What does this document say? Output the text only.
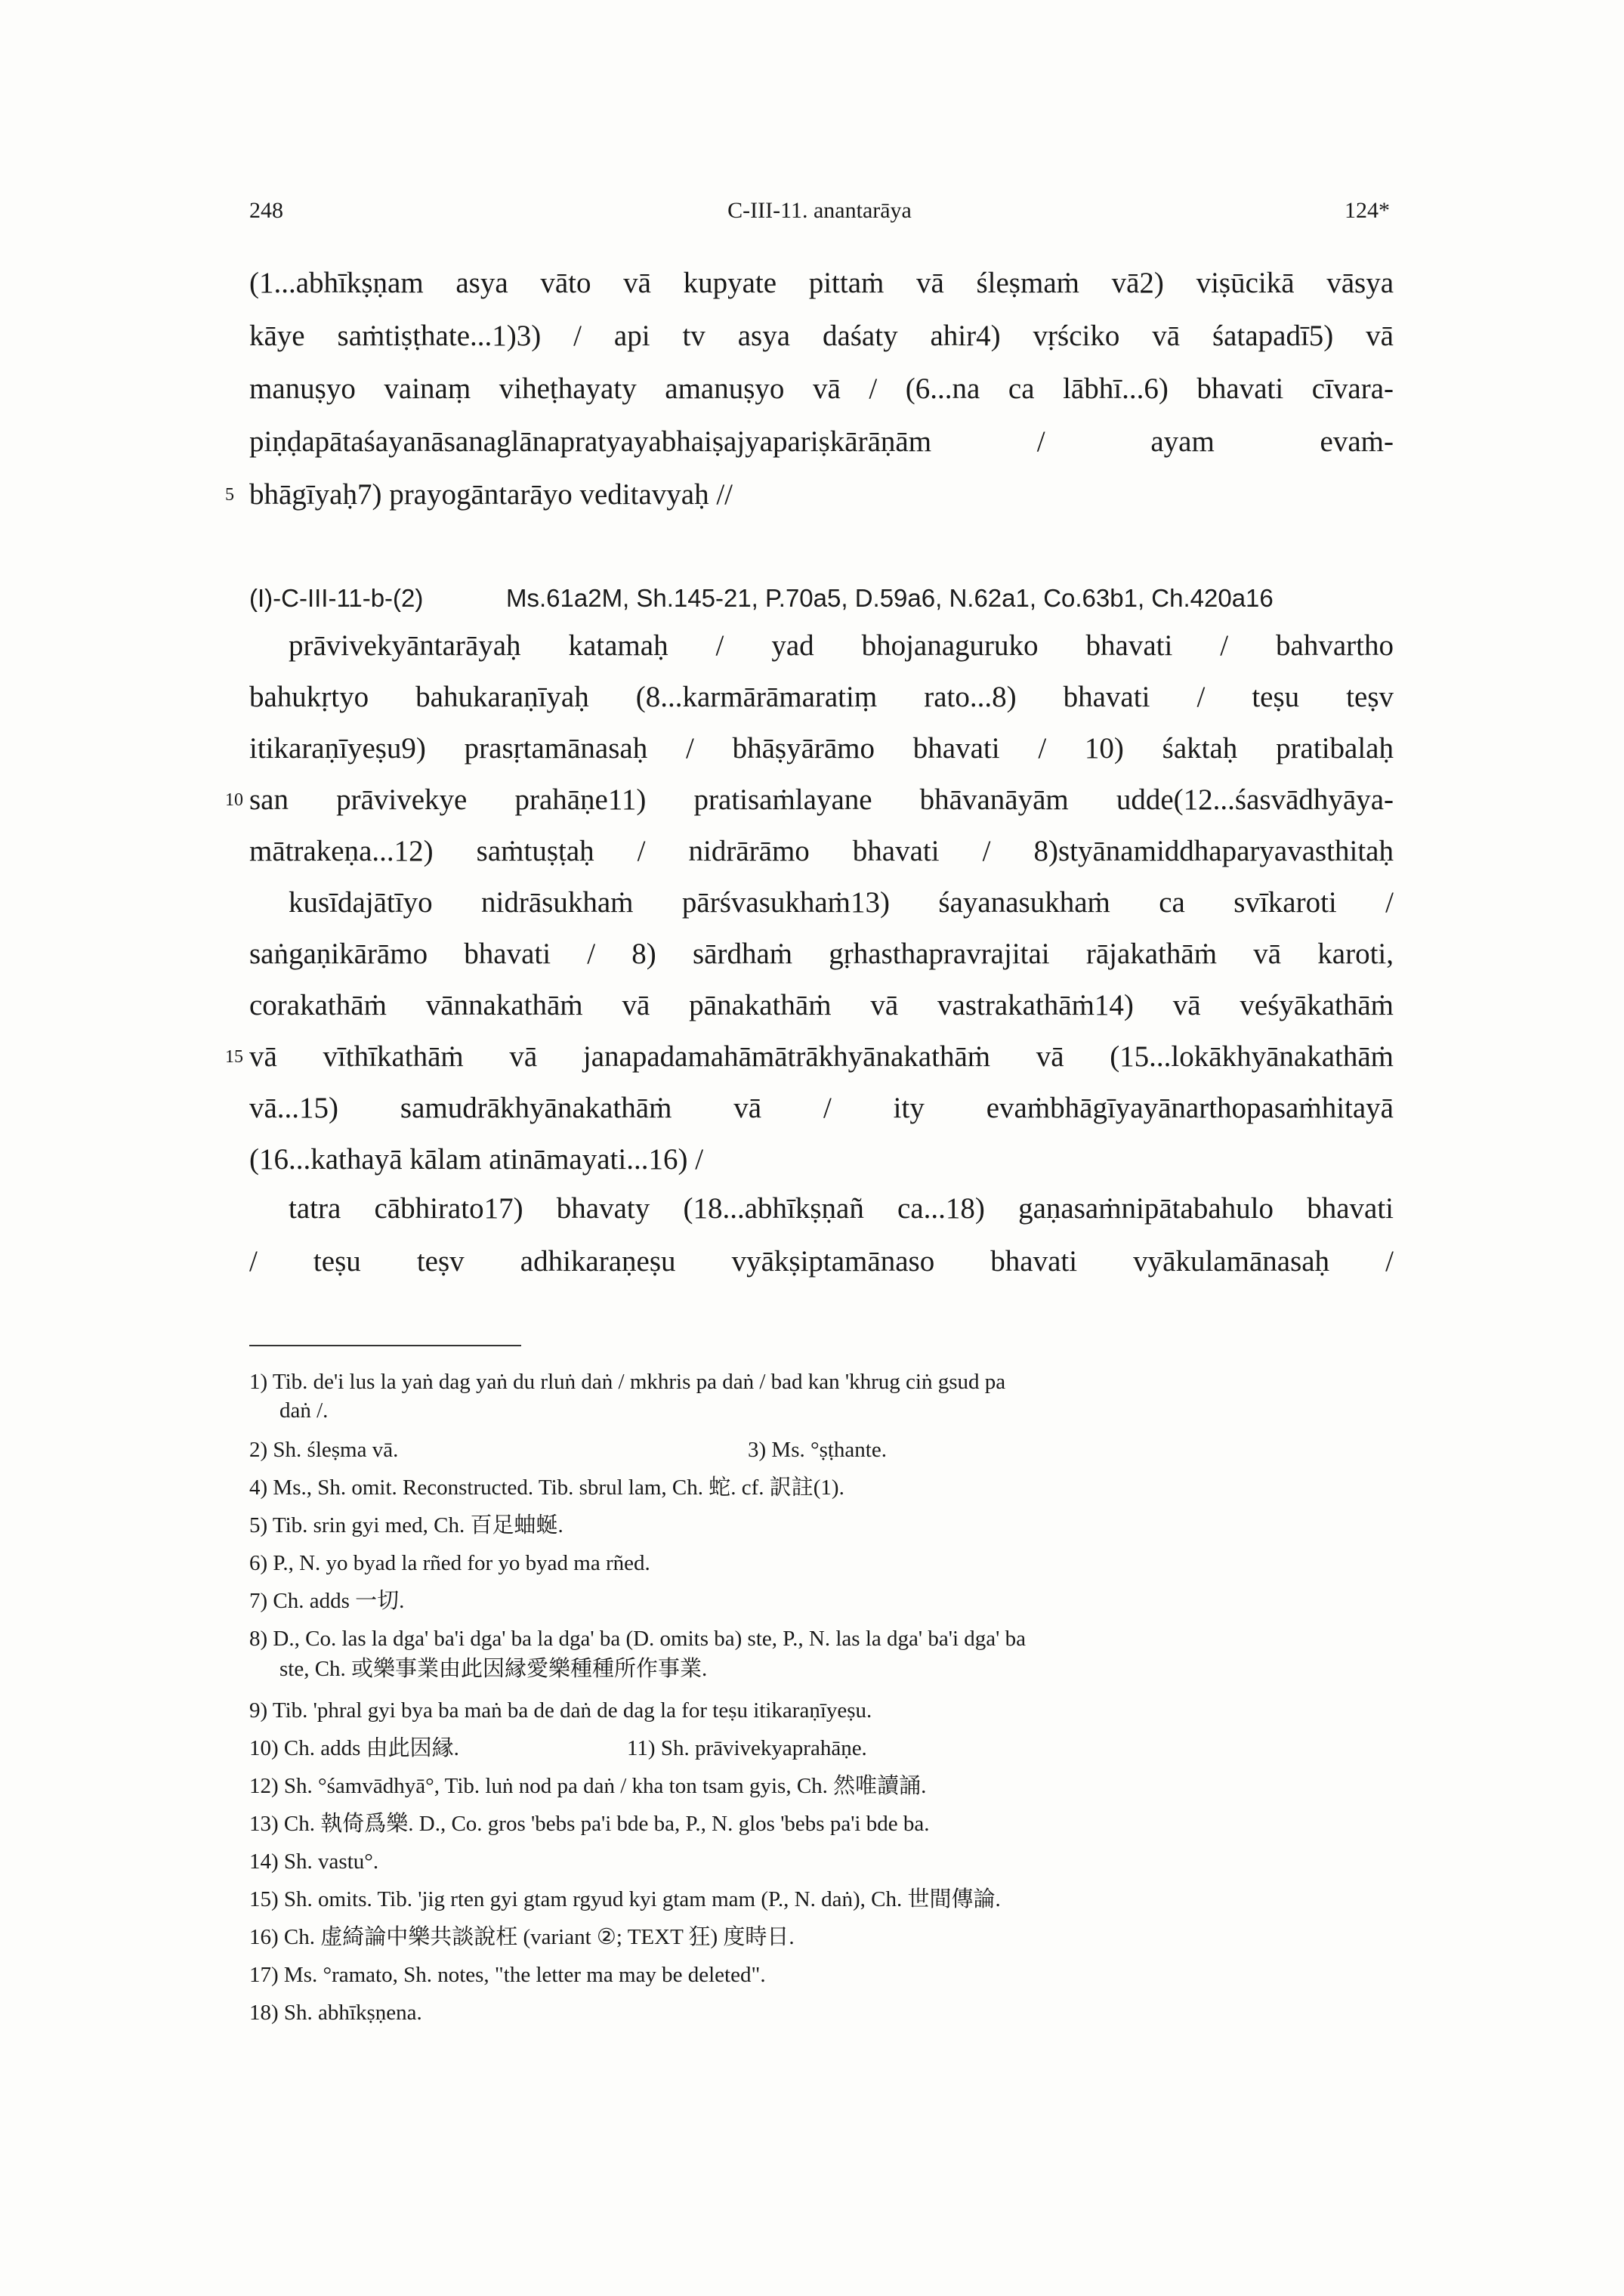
248	C-III-11. anantarāya	124*
(1...abhīkṣṇam asya vāto vā kupyate pittaṁ vā śleṣmaṁ vā2) viṣūcikā vāsya
kāye saṁtiṣṭhate...1)3) / api tv asya daśaty ahir4) vṛściko vā śatapadī5) vā
manuṣyo vainaṃ viheṭhayaty amanuṣyo vā / (6...na ca lābhī...6) bhavati cīvara-
piṇḍapātaśayanāsanaglānapratyayabhaiṣajyapariṣkārāṇām / ayam evaṁ-
5 bhāgīyaḥ7) prayogāntarāyo veditavyaḥ //
(I)-C-III-11-b-(2)	Ms.61a2M, Sh.145-21, P.70a5, D.59a6, N.62a1, Co.63b1, Ch.420a16
prāvivekyāntarāyaḥ katamaḥ / yad bhojanaguruko bhavati / bahvartho
bahukṛtyo bahukaraṇīyaḥ (8...karmārāmaratiṃ rato...8) bhavati / teṣu teṣv
itikaraṇīyeṣu9) prasṛtamānasaḥ / bhāṣyārāmo bhavati / 10) śaktaḥ pratibalaḥ
10 san prāvivekye prahāṇe11) pratisaṁlayane bhāvanāyām udde(12...śasvādhyāya-
mātrakeṇa...12) saṁtuṣṭaḥ / nidrārāmo bhavati / 8)styānamiddhaparyavasthitaḥ
kusīdajātīyo nidrāsukhaṁ pārśvasukhaṁ13) śayanasukhaṁ ca svīkaroti /
saṅgaṇikārāmo bhavati / 8) sārdhaṁ gṛhasthapravrajitai rājakathāṁ vā karoti,
corakathāṁ vānnakathāṁ vā pānakathāṁ vā vastrakathāṁ14) vā veśyākathāṁ
15 vā vīthīkathāṁ vā janapadamahāmātrākhyānakathāṁ vā (15...lokākhyānakathāṁ
vā...15) samudrākhyānakathāṁ vā / ity evaṁbhāgīyayānarthopasaṁhitayā
(16...kathayā kālam atināmayati...16) /
tatra cābhirato17) bhavaty (18...abhīkṣṇañ ca...18) gaṇasaṁnipātabahulo bhavati
/ teṣu teṣv adhikaraṇeṣu vyākṣiptamānaso bhavati vyākulamānasaḥ /
1) Tib. de'i lus la yaṅ dag yaṅ du rluṅ daṅ / mkhris pa daṅ / bad kan 'khrug ciṅ gsud pa
daṅ /.
2) Sh. śleṣma vā.	3) Ms. °ṣṭhante.
4) Ms., Sh. omit. Reconstructed. Tib. sbrul lam, Ch. 蛇. cf. 訳註(1).
5) Tib. srin gyi med, Ch. 百足蚰蜒.
6) P., N. yo byad la rñed for yo byad ma rñed.
7) Ch. adds 一切.
8) D., Co. las la dga' ba'i dga' ba la dga' ba (D. omits ba) ste, P., N. las la dga' ba'i dga' ba
ste, Ch. 或樂事業由此因縁愛樂種種所作事業.
9) Tib. 'phral gyi bya ba maṅ ba de daṅ de dag la for teṣu itikaraṇīyeṣu.
10) Ch. adds 由此因縁.	11) Sh. prāvivekyaprahāṇe.
12) Sh. °śamvādhyā°, Tib. luṅ nod pa daṅ / kha ton tsam gyis, Ch. 然唯讀誦.
13) Ch. 執倚爲樂. D., Co. gros 'bebs pa'i bde ba, P., N. glos 'bebs pa'i bde ba.
14) Sh. vastu°.
15) Sh. omits. Tib. 'jig rten gyi gtam rgyud kyi gtam mam (P., N. daṅ), Ch. 世間傳論.
16) Ch. 虚綺論中樂共談說枉 (variant ②; TEXT 狂) 度時日.
17) Ms. °ramato, Sh. notes, "the letter ma may be deleted".
18) Sh. abhīkṣṇena.
